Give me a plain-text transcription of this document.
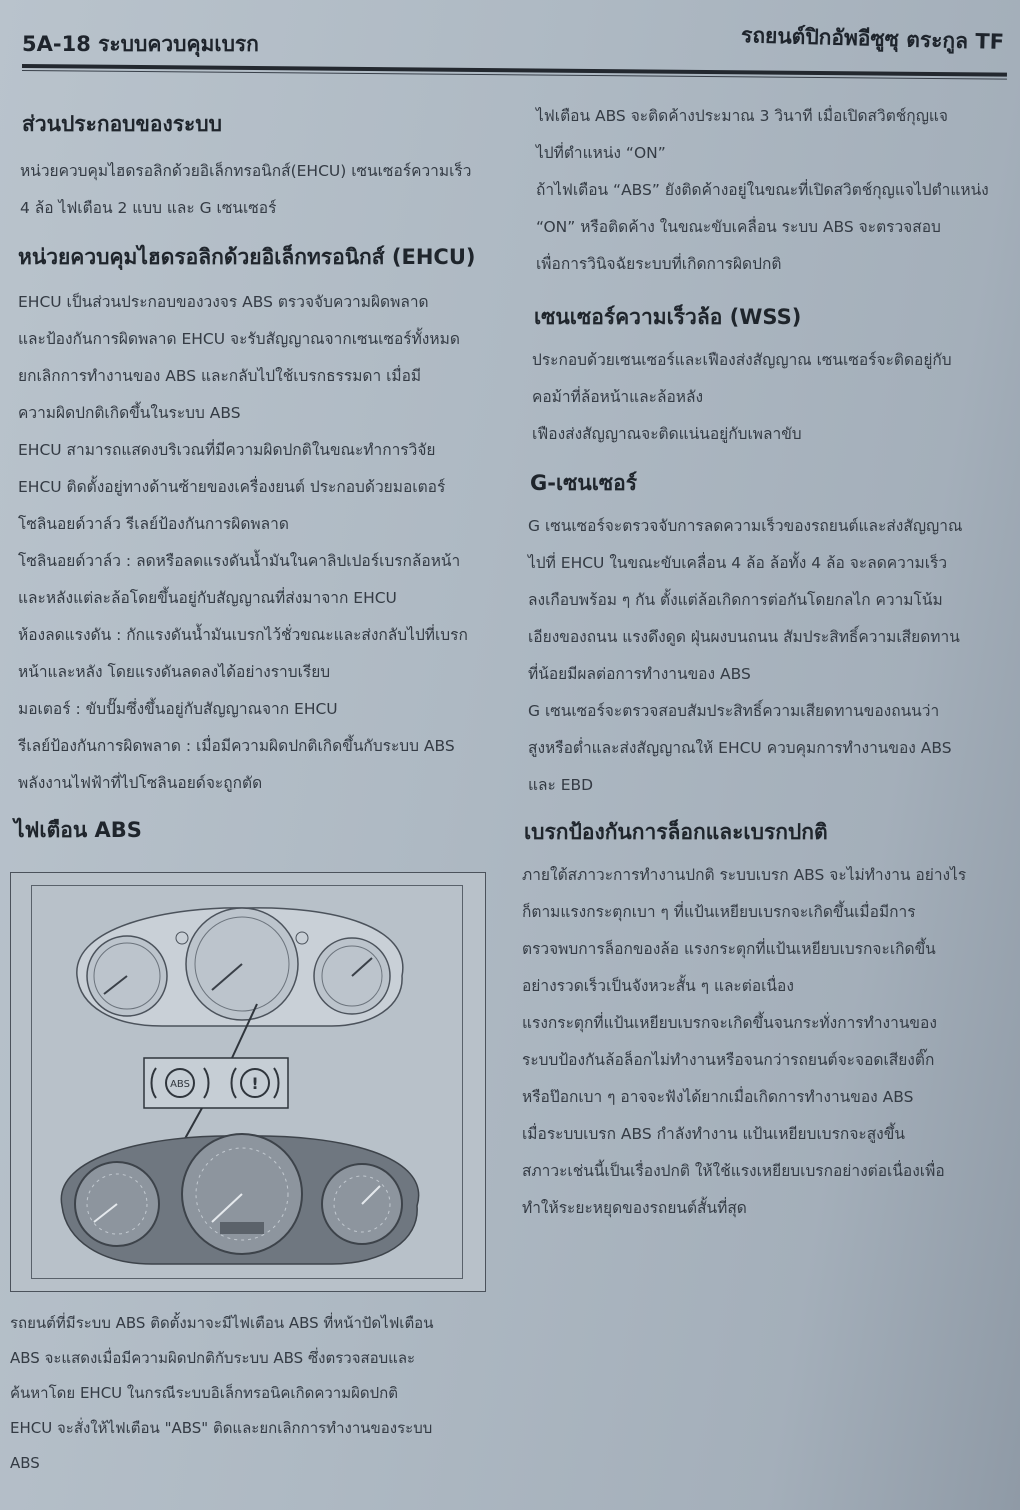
5A-18 ระบบควบคุมเบรก	รถยนต์ปิกอัพอีซูซุ ตระกูล TF
ส่วนประกอบของระบบ

หน่วยควบคุมไฮดรอลิกด้วยอิเล็กทรอนิกส์(EHCU) เซนเซอร์ความเร็ว

4 ล้อ ไฟเตือน 2 แบบ และ G เซนเซอร์

หน่วยควบคุมไฮดรอลิกด้วยอิเล็กทรอนิกส์ (EHCU)

EHCU เป็นส่วนประกอบของวงจร ABS ตรวจจับความผิดพลาด

และป้องกันการผิดพลาด EHCU จะรับสัญญาณจากเซนเซอร์ทั้งหมด

ยกเลิกการทำงานของ ABS และกลับไปใช้เบรกธรรมดา เมื่อมี

ความผิดปกติเกิดขึ้นในระบบ ABS

EHCU สามารถแสดงบริเวณที่มีความผิดปกติในขณะทำการวิจัย

EHCU ติดตั้งอยู่ทางด้านซ้ายของเครื่องยนต์ ประกอบด้วยมอเตอร์

โซลินอยด์วาล์ว รีเลย์ป้องกันการผิดพลาด

โซลินอยด์วาล์ว : ลดหรือลดแรงดันน้ำมันในคาลิปเปอร์เบรกล้อหน้า

และหลังแต่ละล้อโดยขึ้นอยู่กับสัญญาณที่ส่งมาจาก EHCU

ห้องลดแรงดัน : กักแรงดันน้ำมันเบรกไว้ชั่วขณะและส่งกลับไปที่เบรก

หน้าและหลัง โดยแรงดันลดลงได้อย่างราบเรียบ

มอเตอร์ : ขับปั๊มซึ่งขึ้นอยู่กับสัญญาณจาก EHCU

รีเลย์ป้องกันการผิดพลาด : เมื่อมีความผิดปกติเกิดขึ้นกับระบบ ABS

พลังงานไฟฟ้าที่ไปโซลินอยด์จะถูกตัด

ไฟเตือน ABS
ABS	!

รถยนต์ที่มีระบบ ABS ติดตั้งมาจะมีไฟเตือน ABS ที่หน้าปัดไฟเตือน

ABS จะแสดงเมื่อมีความผิดปกติกับระบบ ABS ซึ่งตรวจสอบและ

ค้นหาโดย EHCU ในกรณีระบบอิเล็กทรอนิคเกิดความผิดปกติ

EHCU จะสั่งให้ไฟเตือน "ABS" ติดและยกเลิกการทำงานของระบบ

ABS

ไฟเตือน ABS จะติดค้างประมาณ 3 วินาที เมื่อเปิดสวิตช์กุญแจ

ไปที่ตำแหน่ง “ON”

ถ้าไฟเตือน “ABS” ยังติดค้างอยู่ในขณะที่เปิดสวิตช์กุญแจไปตำแหน่ง

“ON” หรือติดค้าง ในขณะขับเคลื่อน ระบบ ABS จะตรวจสอบ

เพื่อการวินิจฉัยระบบที่เกิดการผิดปกติ

เซนเซอร์ความเร็วล้อ (WSS)

ประกอบด้วยเซนเซอร์และเฟืองส่งสัญญาณ เซนเซอร์จะติดอยู่กับ

คอม้าที่ล้อหน้าและล้อหลัง

เฟืองส่งสัญญาณจะติดแน่นอยู่กับเพลาขับ

G-เซนเซอร์

G เซนเซอร์จะตรวจจับการลดความเร็วของรถยนต์และส่งสัญญาณ

ไปที่ EHCU ในขณะขับเคลื่อน 4 ล้อ ล้อทั้ง 4 ล้อ จะลดความเร็ว

ลงเกือบพร้อม ๆ กัน ตั้งแต่ล้อเกิดการต่อกันโดยกลไก ความโน้ม

เอียงของถนน แรงดึงดูด ฝุ่นผงบนถนน สัมประสิทธิ์ความเสียดทาน

ที่น้อยมีผลต่อการทำงานของ ABS

G เซนเซอร์จะตรวจสอบสัมประสิทธิ์ความเสียดทานของถนนว่า

สูงหรือต่ำและส่งสัญญาณให้ EHCU ควบคุมการทำงานของ ABS

และ EBD

เบรกป้องกันการล็อกและเบรกปกติ

ภายใต้สภาวะการทำงานปกติ ระบบเบรก ABS จะไม่ทำงาน อย่างไร

ก็ตามแรงกระตุกเบา ๆ ที่แป้นเหยียบเบรกจะเกิดขึ้นเมื่อมีการ

ตรวจพบการล็อกของล้อ แรงกระตุกที่แป้นเหยียบเบรกจะเกิดขึ้น

อย่างรวดเร็วเป็นจังหวะสั้น ๆ และต่อเนื่อง

แรงกระตุกที่แป้นเหยียบเบรกจะเกิดขึ้นจนกระทั่งการทำงานของ

ระบบป้องกันล้อล็อกไม่ทำงานหรือจนกว่ารถยนต์จะจอดเสียงติ๊ก

หรือป๊อกเบา ๆ อาจจะฟังได้ยากเมื่อเกิดการทำงานของ ABS

เมื่อระบบเบรก ABS กำลังทำงาน แป้นเหยียบเบรกจะสูงขึ้น

สภาวะเช่นนี้เป็นเรื่องปกติ ให้ใช้แรงเหยียบเบรกอย่างต่อเนื่องเพื่อ

ทำให้ระยะหยุดของรถยนต์สั้นที่สุด
